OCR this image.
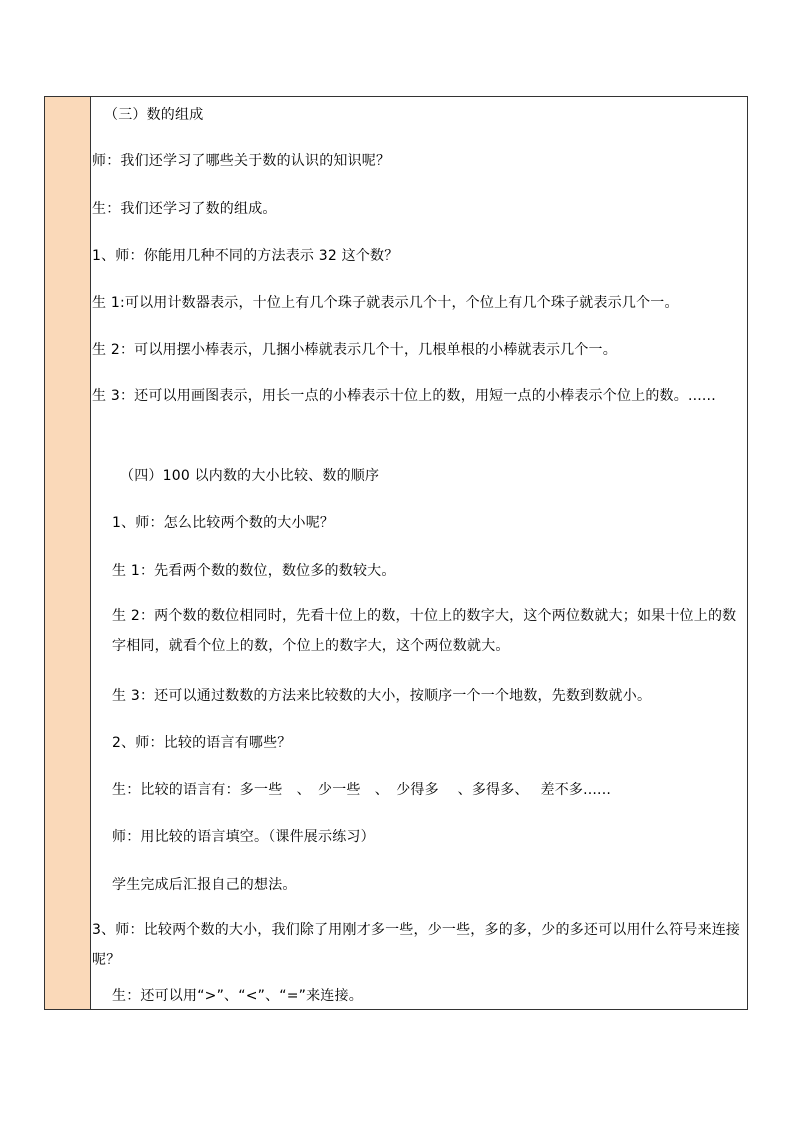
（三）数的组成
师：我们还学习了哪些关于数的认识的知识呢？
生：我们还学习了数的组成。
1、师：你能用几种不同的方法表示 32 这个数？
生 1:可以用计数器表示，十位上有几个珠子就表示几个十，个位上有几个珠子就表示几个一。
生 2：可以用摆小棒表示，几捆小棒就表示几个十，几根单根的小棒就表示几个一。
生 3：还可以用画图表示，用长一点的小棒表示十位上的数，用短一点的小棒表示个位上的数。......
（四）100 以内数的大小比较、数的顺序
1、师：怎么比较两个数的大小呢？
生 1：先看两个数的数位，数位多的数较大。
生 2：两个数的数位相同时，先看十位上的数，十位上的数字大，这个两位数就大；如果十位上的数字相同，就看个位上的数，个位上的数字大，这个两位数就大。
生 3：还可以通过数数的方法来比较数的大小，按顺序一个一个地数，先数到数就小。
2、师：比较的语言有哪些？
生：比较的语言有：多一些　、　少一些　、　少得多　 、多得多、　 差不多......
师：用比较的语言填空。（课件展示练习）
学生完成后汇报自己的想法。
3、师：比较两个数的大小，我们除了用刚才多一些，少一些，多的多，少的多还可以用什么符号来连接呢？
生：还可以用“>”、“<”、“=”来连接。
